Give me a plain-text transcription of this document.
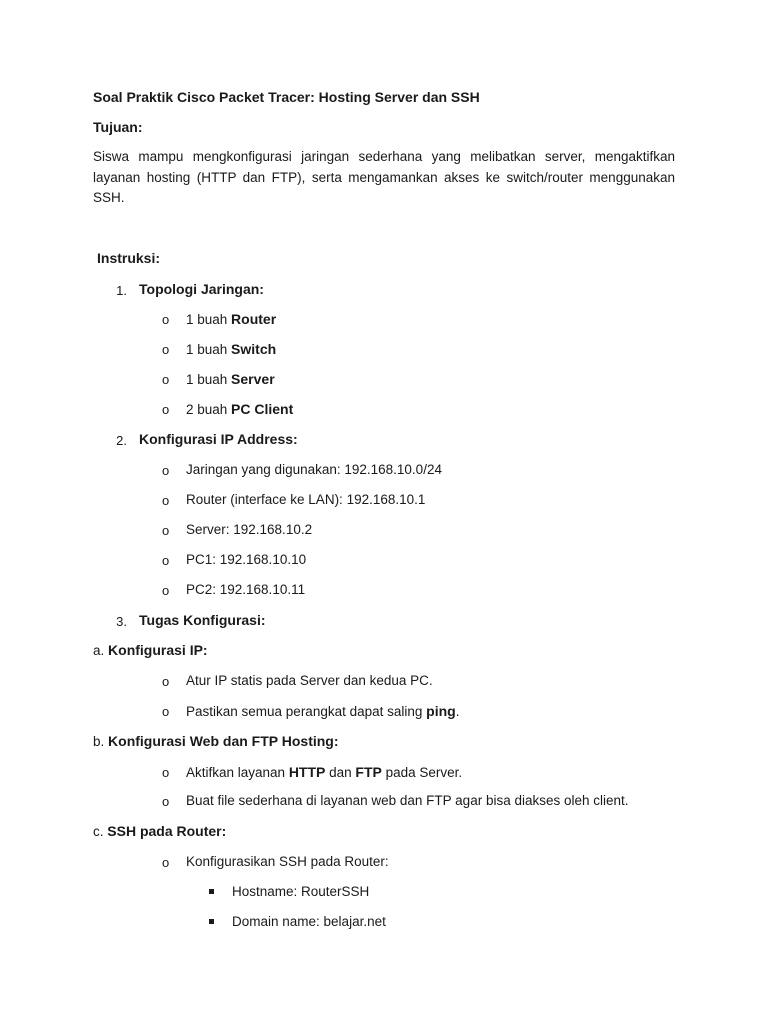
Soal Praktik Cisco Packet Tracer: Hosting Server dan SSH
Tujuan:
Siswa mampu mengkonfigurasi jaringan sederhana yang melibatkan server, mengaktifkan layanan hosting (HTTP dan FTP), serta mengamankan akses ke switch/router menggunakan SSH.
Instruksi:
1. Topologi Jaringan:
o 1 buah Router
o 1 buah Switch
o 1 buah Server
o 2 buah PC Client
2. Konfigurasi IP Address:
o Jaringan yang digunakan: 192.168.10.0/24
o Router (interface ke LAN): 192.168.10.1
o Server: 192.168.10.2
o PC1: 192.168.10.10
o PC2: 192.168.10.11
3. Tugas Konfigurasi:
a. Konfigurasi IP:
o Atur IP statis pada Server dan kedua PC.
o Pastikan semua perangkat dapat saling ping.
b. Konfigurasi Web dan FTP Hosting:
o Aktifkan layanan HTTP dan FTP pada Server.
o Buat file sederhana di layanan web dan FTP agar bisa diakses oleh client.
c. SSH pada Router:
o Konfigurasikan SSH pada Router:
Hostname: RouterSSH
Domain name: belajar.net
